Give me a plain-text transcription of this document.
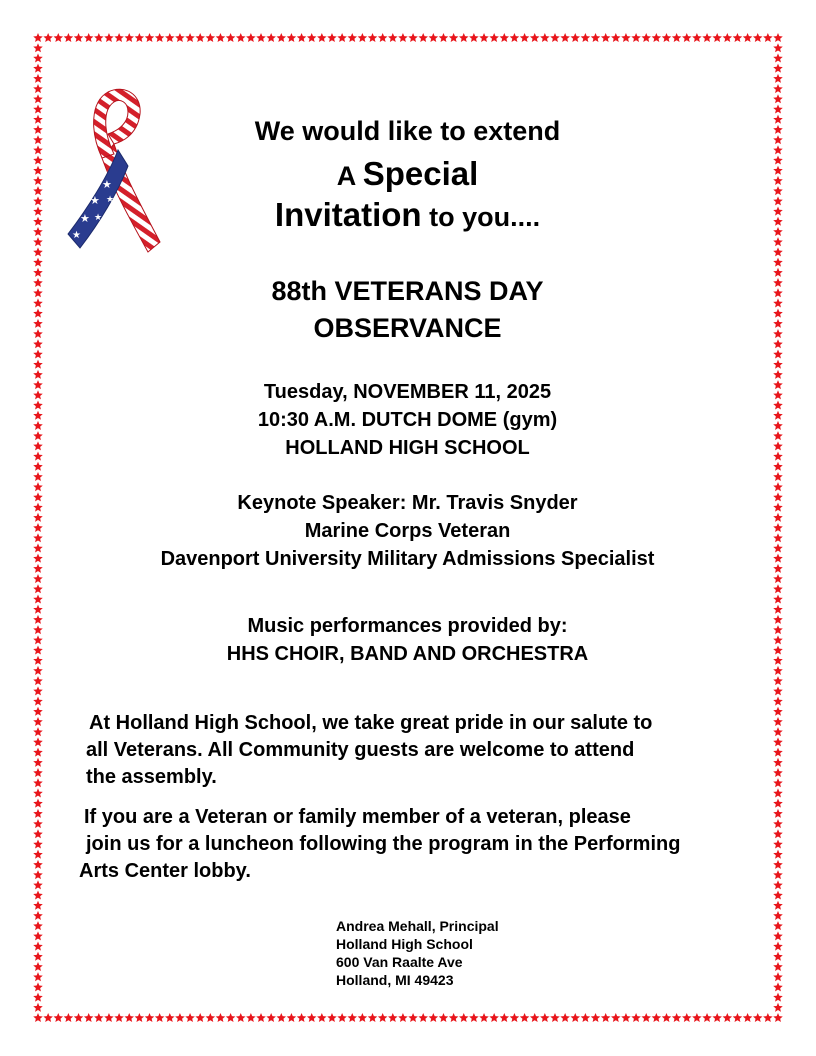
★
★ ★
★ ★
★
We would like to extend
A Special
Invitation to you....
88th VETERANS DAY
OBSERVANCE
Tuesday, NOVEMBER 11, 2025
10:30 A.M. DUTCH DOME (gym)
HOLLAND HIGH SCHOOL
Keynote Speaker: Mr. Travis Snyder
Marine Corps Veteran
Davenport University Military Admissions Specialist
Music performances provided by:
HHS CHOIR, BAND AND ORCHESTRA
At Holland High School, we take great pride in our salute to
all Veterans. All Community guests are welcome to attend
the assembly.
If you are a Veteran or family member of a veteran, please
join us for a luncheon following the program in the Performing
Arts Center lobby.
Andrea Mehall, Principal
Holland High School
600 Van Raalte Ave
Holland, MI 49423
